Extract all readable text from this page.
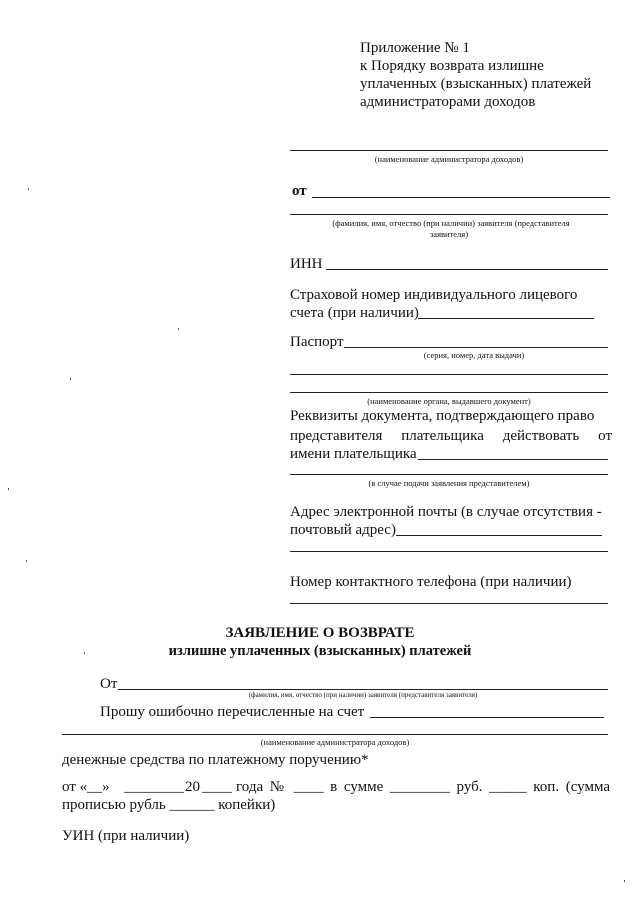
Приложение № 1
к Порядку возврата излишне
уплаченных (взысканных) платежей
администраторами доходов
(наименование администратора доходов)
от
(фамилия, имя, отчество (при наличии) заявителя (представителя
заявителя)
ИНН
Страховой номер индивидуального лицевого
счета (при наличии)
Паспорт
(серия, номер, дата выдачи)
(наименование органа, выдавшего документ)
Реквизиты документа, подтверждающего право
представителя плательщика действовать от
имени плательщика
(в случае подачи заявления представителем)
Адрес электронной почты (в случае отсутствия -
почтовый адрес)
Номер контактного телефона (при наличии)
ЗАЯВЛЕНИЕ О ВОЗВРАТЕ
излишне уплаченных (взысканных) платежей
От
(фамилия, имя, отчество (при наличии) заявителя (представителя заявителя)
Прошу ошибочно перечисленные на счет
(наименование администратора доходов)
денежные средства по платежному поручению*
от «__» ________ 20 ____ года № ____ в сумме ________ руб. _____ коп. (сумма
прописью рубль ______ копейки)
УИН (при наличии)
